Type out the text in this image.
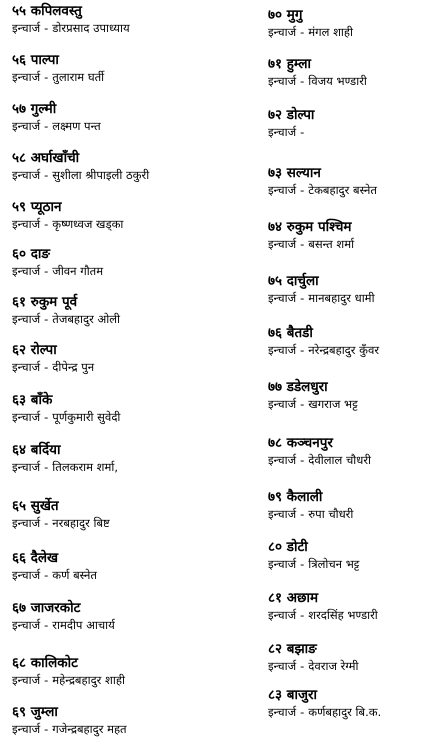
५५ कपिलवस्तु
इन्चार्ज - डोरप्रसाद उपाध्याय
५६ पाल्पा
इन्चार्ज - तुलाराम घर्ती
५७ गुल्मी
इन्चार्ज - लक्ष्मण पन्त
५८ अर्घाखाँची
इन्चार्ज - सुशीला श्रीपाइली ठकुरी
५९ प्यूठान
इन्चार्ज - कृष्णध्वज खड्का
६० दाङ
इन्चार्ज - जीवन गौतम
६१ रुकुम पूर्व
इन्चार्ज - तेजबहादुर ओली
६२ रोल्पा
इन्चार्ज - दीपेन्द्र पुन
६३ बाँके
इन्चार्ज - पूर्णकुमारी सुवेदी
६४ बर्दिया
इन्चार्ज - तिलकराम शर्मा,
६५ सुर्खेत
इन्चार्ज - नरबहादुर बिष्ट
६६ दैलेख
इन्चार्ज - कर्ण बस्नेत
६७ जाजरकोट
इन्चार्ज - रामदीप आचार्य
६८ कालिकोट
इन्चार्ज - महेन्द्रबहादुर शाही
६९ जुम्ला
इन्चार्ज - गजेन्द्रबहादुर महत
७० मुगु
इन्चार्ज - मंगल शाही
७१ हुम्ला
इन्चार्ज - विजय भण्डारी
७२ डोल्पा
इन्चार्ज -
७३ सल्यान
इन्चार्ज - टेकबहादुर बस्नेत
७४ रुकुम पश्चिम
इन्चार्ज - बसन्त शर्मा
७५ दार्चुला
इन्चार्ज - मानबहादुर धामी
७६ बैतडी
इन्चार्ज - नरेन्द्रबहादुर कुँवर
७७ डडेलधुरा
इन्चार्ज - खगराज भट्ट
७८ कञ्चनपुर
इन्चार्ज - देवीलाल चौधरी
७९ कैलाली
इन्चार्ज - रुपा चौधरी
८० डोटी
इन्चार्ज - त्रिलोचन भट्ट
८१ अछाम
इन्चार्ज - शरदसिंह भण्डारी
८२ बझाङ
इन्चार्ज - देवराज रेग्मी
८३ बाजुरा
इन्चार्ज - कर्णबहादुर बि.क.
